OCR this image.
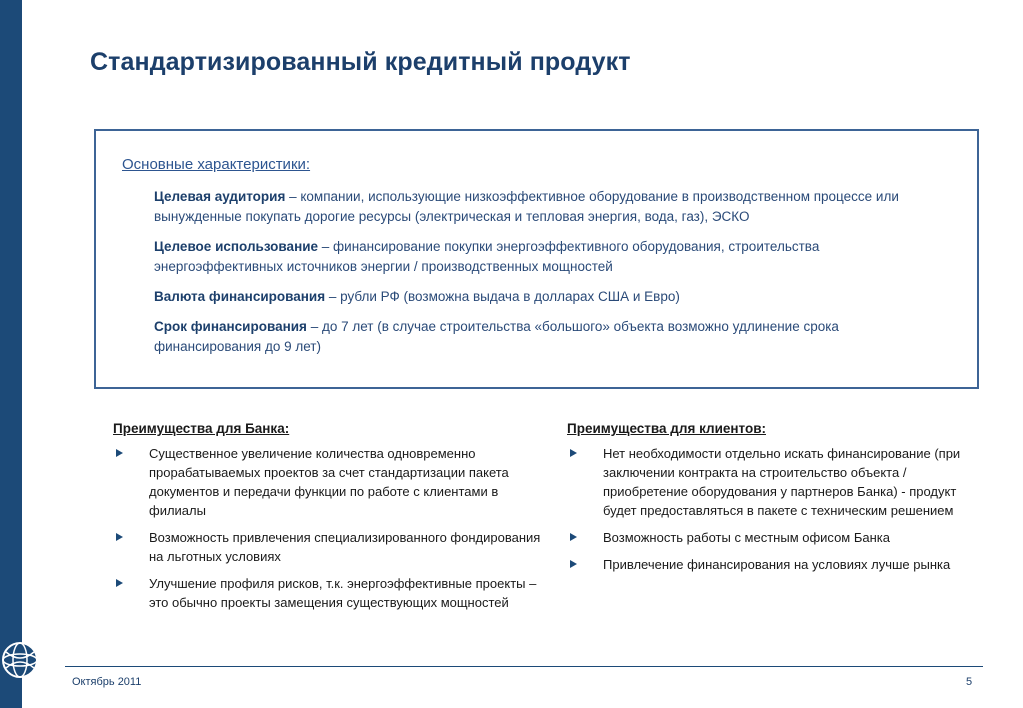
Стандартизированный кредитный продукт
Основные характеристики:
Целевая аудитория – компании, использующие низкоэффективное оборудование в производственном процессе или вынужденные покупать дорогие ресурсы (электрическая и тепловая энергия, вода, газ), ЭСКО
Целевое использование – финансирование покупки энергоэффективного оборудования, строительства энергоэффективных источников энергии / производственных мощностей
Валюта финансирования – рубли РФ (возможна выдача в долларах США и Евро)
Срок финансирования – до 7 лет (в случае строительства «большого» объекта возможно удлинение срока финансирования до 9 лет)
Преимущества для Банка:
Существенное увеличение количества одновременно прорабатываемых проектов за счет стандартизации пакета документов и передачи функции по работе с клиентами в филиалы
Возможность привлечения специализированного фондирования на льготных условиях
Улучшение профиля рисков, т.к. энергоэффективные проекты – это обычно проекты замещения существующих мощностей
Преимущества для клиентов:
Нет необходимости отдельно искать финансирование (при заключении контракта на строительство объекта / приобретение оборудования у партнеров Банка) - продукт будет предоставляться в пакете с техническим решением
Возможность работы с местным офисом Банка
Привлечение финансирования на условиях лучше рынка
Октябрь 2011	5
